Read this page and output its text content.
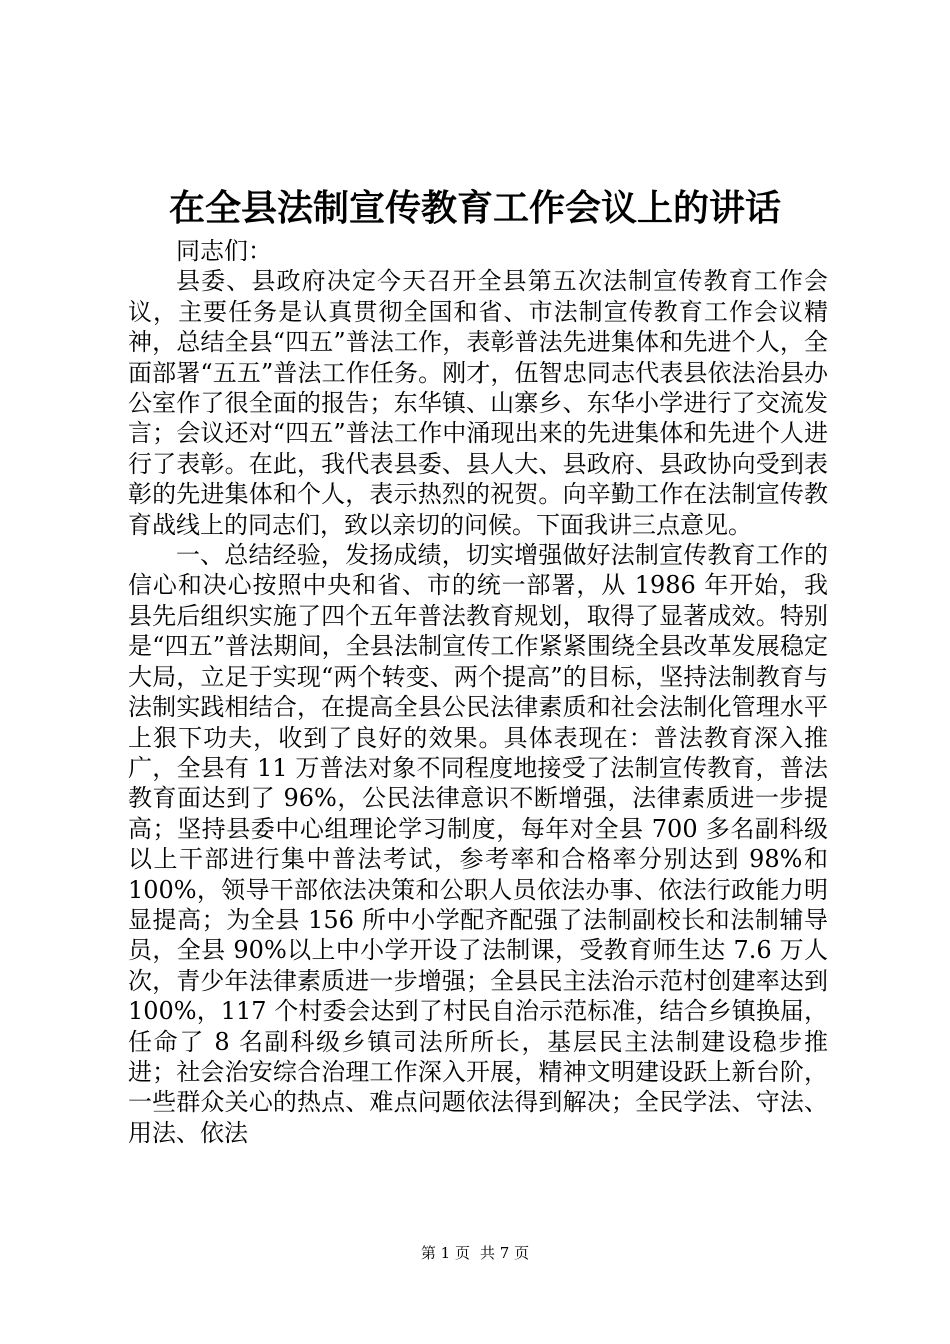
在全县法制宣传教育工作会议上的讲话

同志们：

县委、县政府决定今天召开全县第五次法制宣传教育工作会议，主要任务是认真贯彻全国和省、市法制宣传教育工作会议精神，总结全县“四五”普法工作，表彰普法先进集体和先进个人，全面部署“五五”普法工作任务。刚才，伍智忠同志代表县依法治县办公室作了很全面的报告；东华镇、山寨乡、东华小学进行了交流发言；会议还对“四五”普法工作中涌现出来的先进集体和先进个人进行了表彰。在此，我代表县委、县人大、县政府、县政协向受到表彰的先进集体和个人，表示热烈的祝贺。向辛勤工作在法制宣传教育战线上的同志们，致以亲切的问候。下面我讲三点意见。

一、总结经验，发扬成绩，切实增强做好法制宣传教育工作的信心和决心按照中央和省、市的统一部署，从 1986 年开始，我县先后组织实施了四个五年普法教育规划，取得了显著成效。特别是“四五”普法期间，全县法制宣传工作紧紧围绕全县改革发展稳定大局，立足于实现“两个转变、两个提高”的目标，坚持法制教育与法制实践相结合，在提高全县公民法律素质和社会法制化管理水平上狠下功夫，收到了良好的效果。具体表现在：普法教育深入推广，全县有 11 万普法对象不同程度地接受了法制宣传教育，普法教育面达到了 96%，公民法律意识不断增强，法律素质进一步提高；坚持县委中心组理论学习制度，每年对全县 700 多名副科级以上干部进行集中普法考试，参考率和合格率分别达到 98%和 100%，领导干部依法决策和公职人员依法办事、依法行政能力明显提高；为全县 156 所中小学配齐配强了法制副校长和法制辅导员，全县 90%以上中小学开设了法制课，受教育师生达 7.6 万人次，青少年法律素质进一步增强；全县民主法治示范村创建率达到 100%，117 个村委会达到了村民自治示范标准，结合乡镇换届，任命了 8 名副科级乡镇司法所所长，基层民主法制建设稳步推进；社会治安综合治理工作深入开展，精神文明建设跃上新台阶，一些群众关心的热点、难点问题依法得到解决；全民学法、守法、用法、依法

第 1 页 共 7 页
